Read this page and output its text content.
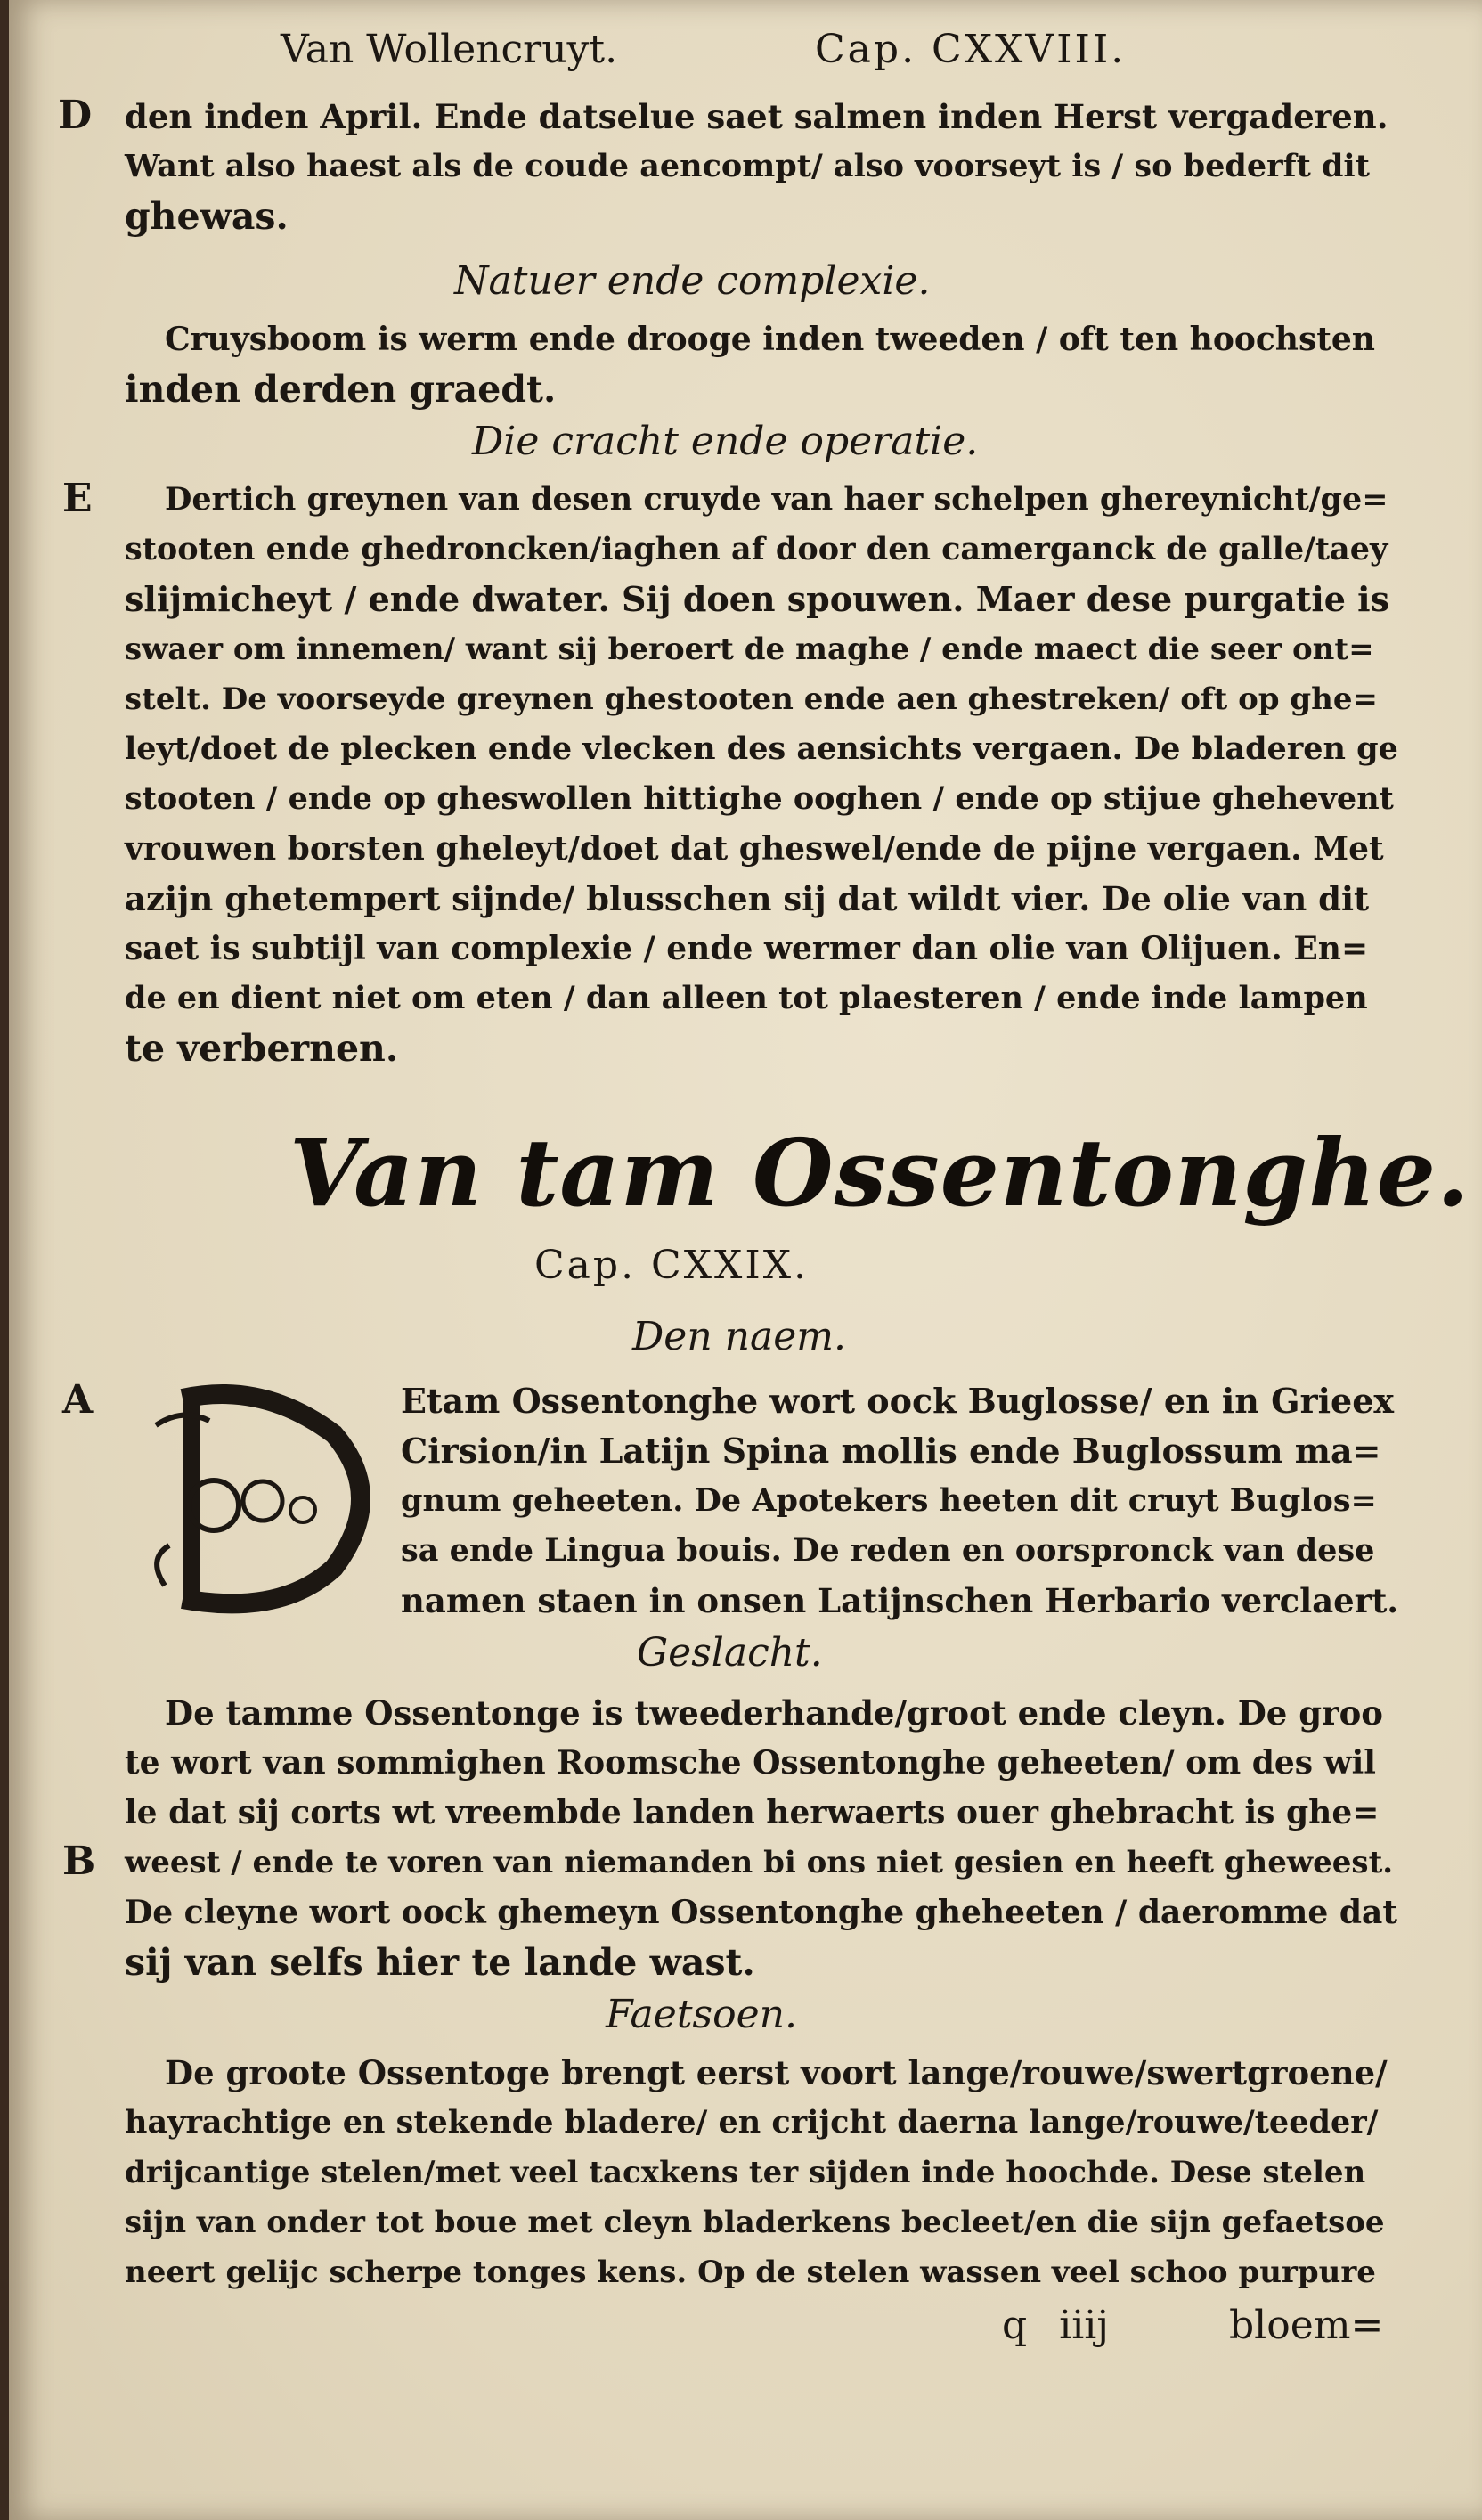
Van Wollencruyt.	Cap. CXXVIII.
D den inden April. Ende datselue saet salmen inden Herst vergaderen.
Want also haest als de coude aencompt/ also voorseyt is / so bederft dit
ghewas.
Natuer ende complexie.
Cruysboom is werm ende drooge inden tweeden / oft ten hoochsten
inden derden graedt.
Die cracht ende operatie.
E Dertich greynen van desen cruyde van haer schelpen ghereynicht/ge=
stooten ende ghedroncken/iaghen af door den camerganck de galle/taey
slijmicheyt / ende dwater. Sij doen spouwen. Maer dese purgatie is
swaer om innemen/ want sij beroert de maghe / ende maect die seer ont=
stelt. De voorseyde greynen ghestooten ende aen ghestreken/ oft op ghe=
leyt/doet de plecken ende vlecken des aensichts vergaen. De bladeren ge
stooten / ende op gheswollen hittighe ooghen / ende op stijue ghehevent
vrouwen borsten gheleyt/doet dat gheswel/ende de pijne vergaen. Met
azijn ghetempert sijnde/ blusschen sij dat wildt vier. De olie van dit
saet is subtijl van complexie / ende wermer dan olie van Olijuen. En=
de en dient niet om eten / dan alleen tot plaesteren / ende inde lampen
te verbernen.
Van tam Ossentonghe.
Cap. CXXIX.
Den naem.
A	Etam Ossentonghe wort oock Buglosse/ en in Grieex
Cirsion/in Latijn Spina mollis ende Buglossum ma=
gnum geheeten. De Apotekers heeten dit cruyt Buglos=
sa ende Lingua bouis. De reden en oorspronck van dese
namen staen in onsen Latijnschen Herbario verclaert.
Geslacht.
De tamme Ossentonge is tweederhande/groot ende cleyn. De groo
te wort van sommighen Roomsche Ossentonghe geheeten/ om des wil
le dat sij corts wt vreembde landen herwaerts ouer ghebracht is ghe=
B weest / ende te voren van niemanden bi ons niet gesien en heeft gheweest.
De cleyne wort oock ghemeyn Ossentonghe gheheeten / daeromme dat
sij van selfs hier te lande wast.
Faetsoen.
De groote Ossentoge brengt eerst voort lange/rouwe/swertgroene/
hayrachtige en stekende bladere/ en crijcht daerna lange/rouwe/teeder/
drijcantige stelen/met veel tacxkens ter sijden inde hoochde. Dese stelen
sijn van onder tot boue met cleyn bladerkens becleet/en die sijn gefaetsoe
neert gelijc scherpe tonges kens. Op de stelen wassen veel schoo purpure
q iiij	bloem=
